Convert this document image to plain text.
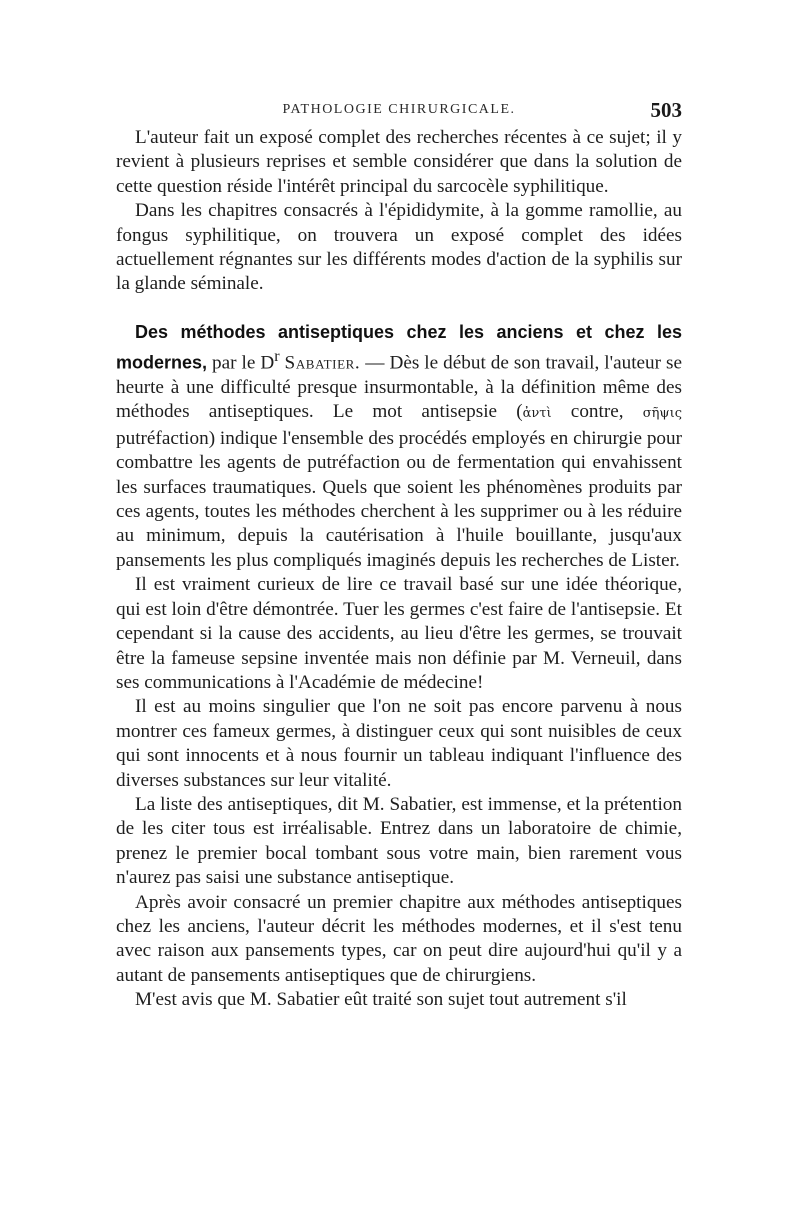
PATHOLOGIE CHIRURGICALE.	503

L'auteur fait un exposé complet des recherches récentes à ce sujet; il y revient à plusieurs reprises et semble considérer que dans la solution de cette question réside l'intérêt principal du sarcocèle syphilitique.

Dans les chapitres consacrés à l'épididymite, à la gomme ramollie, au fongus syphilitique, on trouvera un exposé complet des idées actuellement régnantes sur les différents modes d'action de la syphilis sur la glande séminale.

Des méthodes antiseptiques chez les anciens et chez les modernes, par le $D^r$ Sabatier. — Dès le début de son travail, l'auteur se heurte à une difficulté presque insurmontable, à la définition même des méthodes antiseptiques. Le mot antisepsie (ἀντὶ contre, σῆψις putréfaction) indique l'ensemble des procédés employés en chirurgie pour combattre les agents de putréfaction ou de fermentation qui envahissent les surfaces traumatiques. Quels que soient les phénomènes produits par ces agents, toutes les méthodes cherchent à les supprimer ou à les réduire au minimum, depuis la cautérisation à l'huile bouillante, jusqu'aux pansements les plus compliqués imaginés depuis les recherches de Lister.

Il est vraiment curieux de lire ce travail basé sur une idée théorique, qui est loin d'être démontrée. Tuer les germes c'est faire de l'antisepsie. Et cependant si la cause des accidents, au lieu d'être les germes, se trouvait être la fameuse sepsine inventée mais non définie par M. Verneuil, dans ses communications à l'Académie de médecine!

Il est au moins singulier que l'on ne soit pas encore parvenu à nous montrer ces fameux germes, à distinguer ceux qui sont nuisibles de ceux qui sont innocents et à nous fournir un tableau indiquant l'influence des diverses substances sur leur vitalité.

La liste des antiseptiques, dit M. Sabatier, est immense, et la prétention de les citer tous est irréalisable. Entrez dans un laboratoire de chimie, prenez le premier bocal tombant sous votre main, bien rarement vous n'aurez pas saisi une substance antiseptique.

Après avoir consacré un premier chapitre aux méthodes antiseptiques chez les anciens, l'auteur décrit les méthodes modernes, et il s'est tenu avec raison aux pansements types, car on peut dire aujourd'hui qu'il y a autant de pansements antiseptiques que de chirurgiens.

M'est avis que M. Sabatier eût traité son sujet tout autrement s'il
